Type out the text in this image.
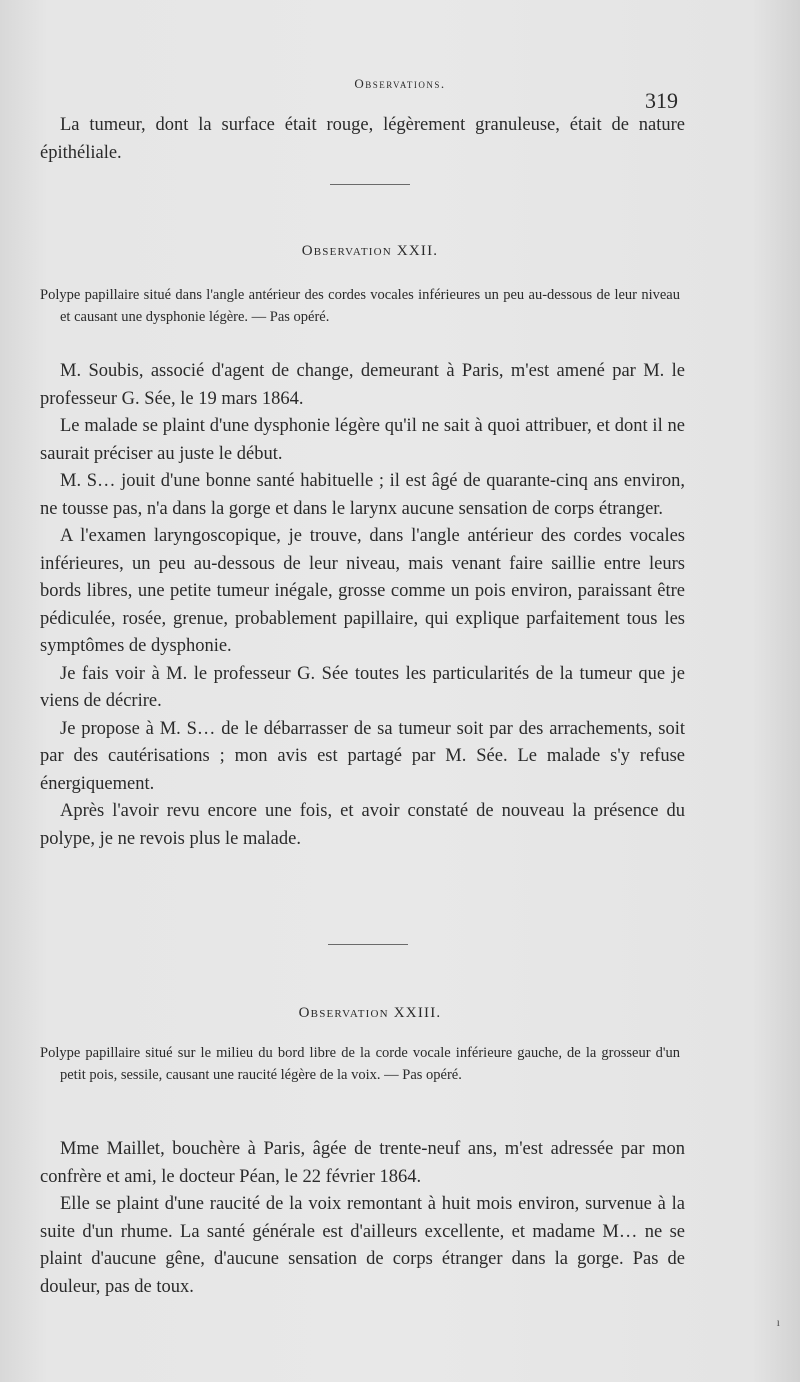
Observations.
319

La tumeur, dont la surface était rouge, légèrement granuleuse, était de nature épithéliale.

Observation XXII.

Polype papillaire situé dans l'angle antérieur des cordes vocales inférieures un peu au-dessous de leur niveau et causant une dysphonie légère. — Pas opéré.

M. Soubis, associé d'agent de change, demeurant à Paris, m'est amené par M. le professeur G. Sée, le 19 mars 1864.

Le malade se plaint d'une dysphonie légère qu'il ne sait à quoi attribuer, et dont il ne saurait préciser au juste le début.

M. S… jouit d'une bonne santé habituelle ; il est âgé de quarante-cinq ans environ, ne tousse pas, n'a dans la gorge et dans le larynx aucune sensation de corps étranger.

A l'examen laryngoscopique, je trouve, dans l'angle antérieur des cordes vocales inférieures, un peu au-dessous de leur niveau, mais venant faire saillie entre leurs bords libres, une petite tumeur inégale, grosse comme un pois environ, paraissant être pédiculée, rosée, grenue, probablement papillaire, qui explique parfaitement tous les symptômes de dysphonie.

Je fais voir à M. le professeur G. Sée toutes les particularités de la tumeur que je viens de décrire.

Je propose à M. S… de le débarrasser de sa tumeur soit par des arrachements, soit par des cautérisations ; mon avis est partagé par M. Sée. Le malade s'y refuse énergiquement.

Après l'avoir revu encore une fois, et avoir constaté de nouveau la présence du polype, je ne revois plus le malade.

Observation XXIII.

Polype papillaire situé sur le milieu du bord libre de la corde vocale inférieure gauche, de la grosseur d'un petit pois, sessile, causant une raucité légère de la voix. — Pas opéré.

Mme Maillet, bouchère à Paris, âgée de trente-neuf ans, m'est adressée par mon confrère et ami, le docteur Péan, le 22 février 1864.

Elle se plaint d'une raucité de la voix remontant à huit mois environ, survenue à la suite d'un rhume. La santé générale est d'ailleurs excellente, et madame M… ne se plaint d'aucune gêne, d'aucune sensation de corps étranger dans la gorge. Pas de douleur, pas de toux.

ı
